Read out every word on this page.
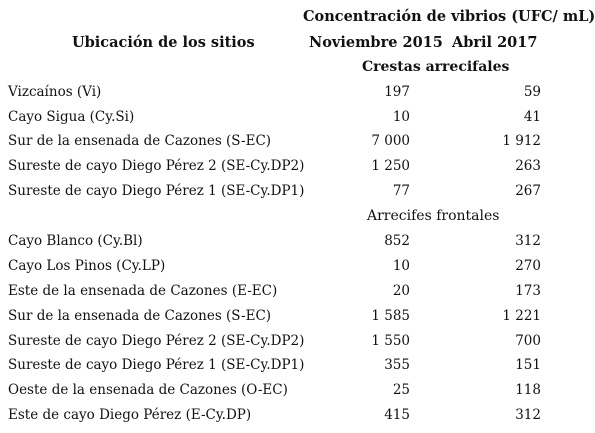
Concentración de vibrios (UFC/ mL)
Ubicación de los sitios	Noviembre 2015 Abril 2017
Crestas arrecifales
Vizcaínos (Vi)	197	59
Cayo Sigua (Cy.Si)	10	41
Sur de la ensenada de Cazones (S-EC)	7 000	1 912
Sureste de cayo Diego Pérez 2 (SE-Cy.DP2)	1 250	263
Sureste de cayo Diego Pérez 1 (SE-Cy.DP1)	77	267
Arrecifes frontales
Cayo Blanco (Cy.Bl)	852	312
Cayo Los Pinos (Cy.LP)	10	270
Este de la ensenada de Cazones (E-EC)	20	173
Sur de la ensenada de Cazones (S-EC)	1 585	1 221
Sureste de cayo Diego Pérez 2 (SE-Cy.DP2)	1 550	700
Sureste de cayo Diego Pérez 1 (SE-Cy.DP1)	355	151
Oeste de la ensenada de Cazones (O-EC)	25	118
Este de cayo Diego Pérez (E-Cy.DP)	415	312
